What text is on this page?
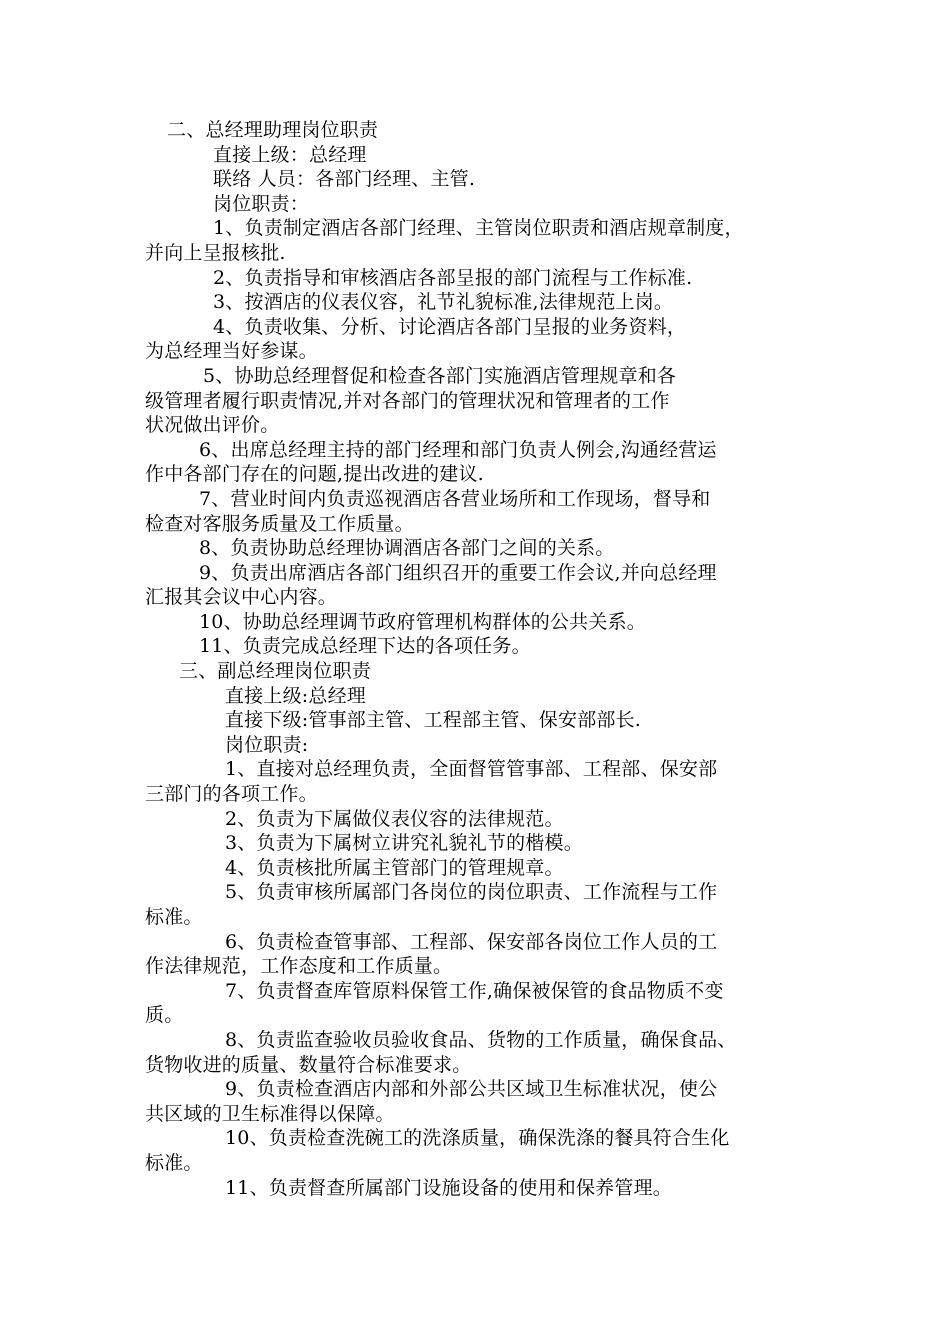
二、总经理助理岗位职责
直接上级：总经理
联络 人员：各部门经理、主管.
岗位职责：
1、负责制定酒店各部门经理、主管岗位职责和酒店规章制度，
并向上呈报核批.
2、负责指导和审核酒店各部呈报的部门流程与工作标准.
3、按酒店的仪表仪容，礼节礼貌标准,法律规范上岗。
4、负责收集、分析、讨论酒店各部门呈报的业务资料，
为总经理当好参谋。
5、协助总经理督促和检查各部门实施酒店管理规章和各
级管理者履行职责情况,并对各部门的管理状况和管理者的工作
状况做出评价。
6、出席总经理主持的部门经理和部门负责人例会,沟通经营运
作中各部门存在的问题,提出改进的建议.
7、营业时间内负责巡视酒店各营业场所和工作现场，督导和
检查对客服务质量及工作质量。
8、负责协助总经理协调酒店各部门之间的关系。
9、负责出席酒店各部门组织召开的重要工作会议,并向总经理
汇报其会议中心内容。
10、协助总经理调节政府管理机构群体的公共关系。
11、负责完成总经理下达的各项任务。
三、副总经理岗位职责
直接上级:总经理
直接下级:管事部主管、工程部主管、保安部部长.
岗位职责:
1、直接对总经理负责，全面督管管事部、工程部、保安部
三部门的各项工作。
2、负责为下属做仪表仪容的法律规范。
3、负责为下属树立讲究礼貌礼节的楷模。
4、负责核批所属主管部门的管理规章。
5、负责审核所属部门各岗位的岗位职责、工作流程与工作
标准。
6、负责检查管事部、工程部、保安部各岗位工作人员的工
作法律规范，工作态度和工作质量。
7、负责督查库管原料保管工作,确保被保管的食品物质不变
质。
8、负责监查验收员验收食品、货物的工作质量，确保食品、
货物收进的质量、数量符合标准要求。
9、负责检查酒店内部和外部公共区域卫生标准状况，使公
共区域的卫生标准得以保障。
10、负责检查洗碗工的洗涤质量，确保洗涤的餐具符合生化
标准。
11、负责督查所属部门设施设备的使用和保养管理。
